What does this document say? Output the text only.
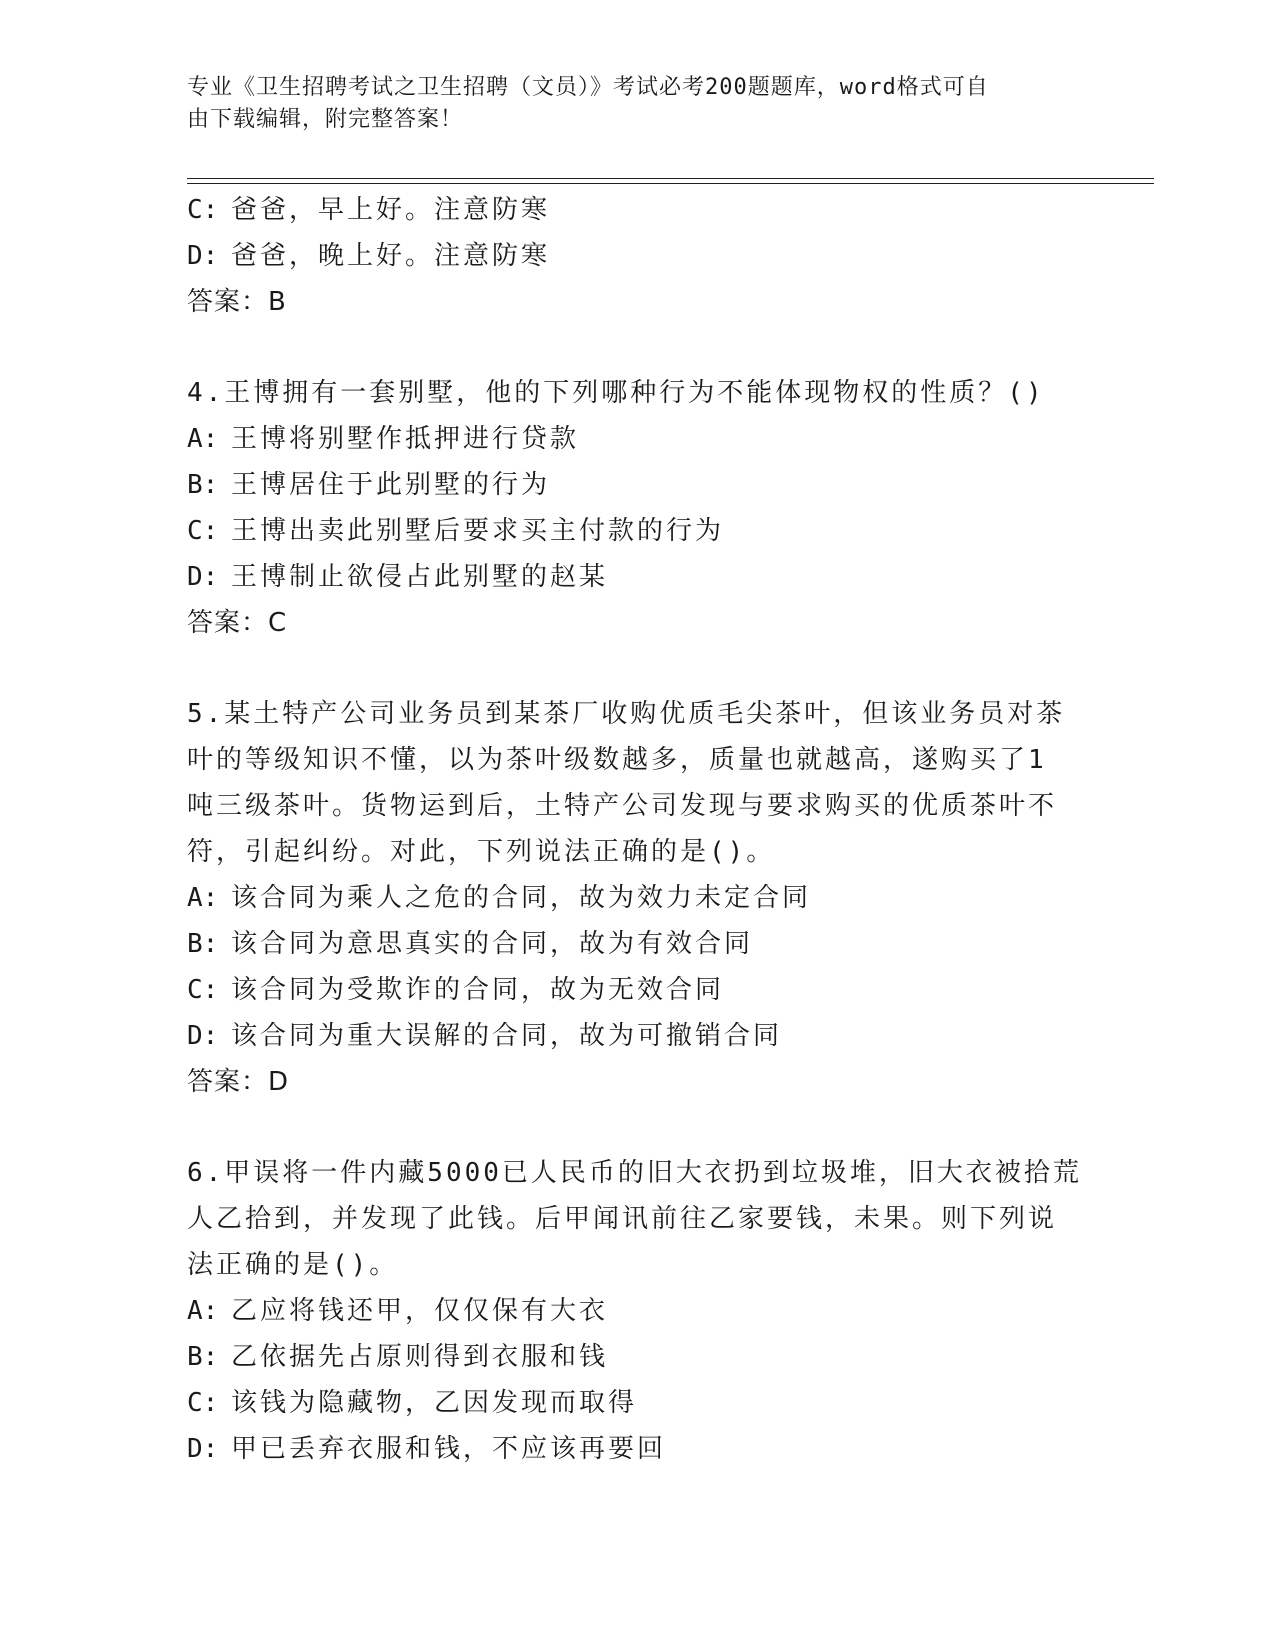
专业《卫生招聘考试之卫生招聘（文员）》考试必考200题题库，word格式可自
由下载编辑，附完整答案！
C: 爸爸，早上好。注意防寒
D: 爸爸，晚上好。注意防寒
答案：B
4.王博拥有一套别墅，他的下列哪种行为不能体现物权的性质？()
A: 王博将别墅作抵押进行贷款
B: 王博居住于此别墅的行为
C: 王博出卖此别墅后要求买主付款的行为
D: 王博制止欲侵占此别墅的赵某
答案：C
5.某土特产公司业务员到某茶厂收购优质毛尖茶叶，但该业务员对茶
叶的等级知识不懂，以为茶叶级数越多，质量也就越高，遂购买了1
吨三级茶叶。货物运到后，土特产公司发现与要求购买的优质茶叶不
符，引起纠纷。对此，下列说法正确的是()。
A: 该合同为乘人之危的合同，故为效力未定合同
B: 该合同为意思真实的合同，故为有效合同
C: 该合同为受欺诈的合同，故为无效合同
D: 该合同为重大误解的合同，故为可撤销合同
答案：D
6.甲误将一件内藏5000已人民币的旧大衣扔到垃圾堆，旧大衣被拾荒
人乙拾到，并发现了此钱。后甲闻讯前往乙家要钱，未果。则下列说
法正确的是()。
A: 乙应将钱还甲，仅仅保有大衣
B: 乙依据先占原则得到衣服和钱
C: 该钱为隐藏物，乙因发现而取得
D: 甲已丢弃衣服和钱，不应该再要回
